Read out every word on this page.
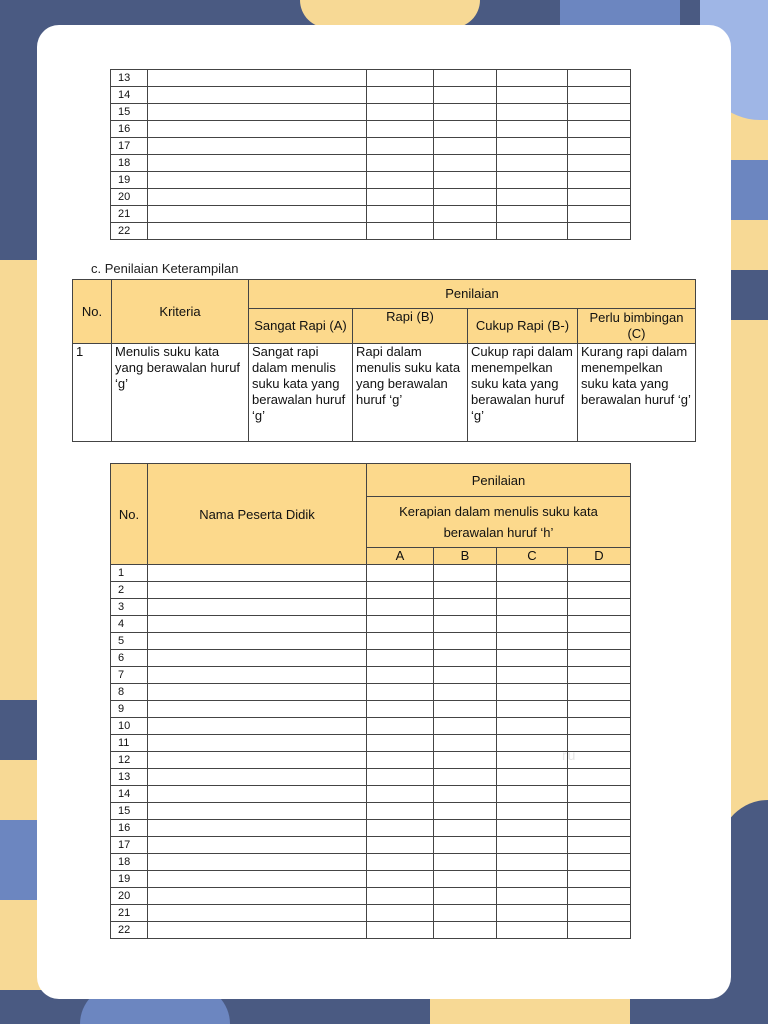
13					
14					
15					
16					
17					
18					
19					
20					
21					
22					
c. Penilaian Keterampilan
No.	Kriteria	Penilaian			
		Sangat Rapi (A)	Rapi (B)	Cukup Rapi (B-)	Perlu bimbingan (C)
1	Menulis suku kata yang berawalan huruf ‘g’	Sangat rapi dalam menulis suku kata yang berawalan huruf ‘g’	Rapi dalam menulis suku kata yang berawalan huruf ‘g’	Cukup rapi dalam menempelkan suku kata yang berawalan huruf ‘g’	Kurang rapi dalam menempelkan suku kata yang berawalan huruf ‘g’
No.	Nama Peserta Didik	Penilaian			
		Kerapian dalam menulis suku kata berawalan huruf ‘h’			
		A	B	C	D
1					
2					
3					
4					
5					
6					
7					
8					
9					
10					
11					
12					
13					
14					
15					
16					
17					
18					
19					
20					
21					
22					
ru
